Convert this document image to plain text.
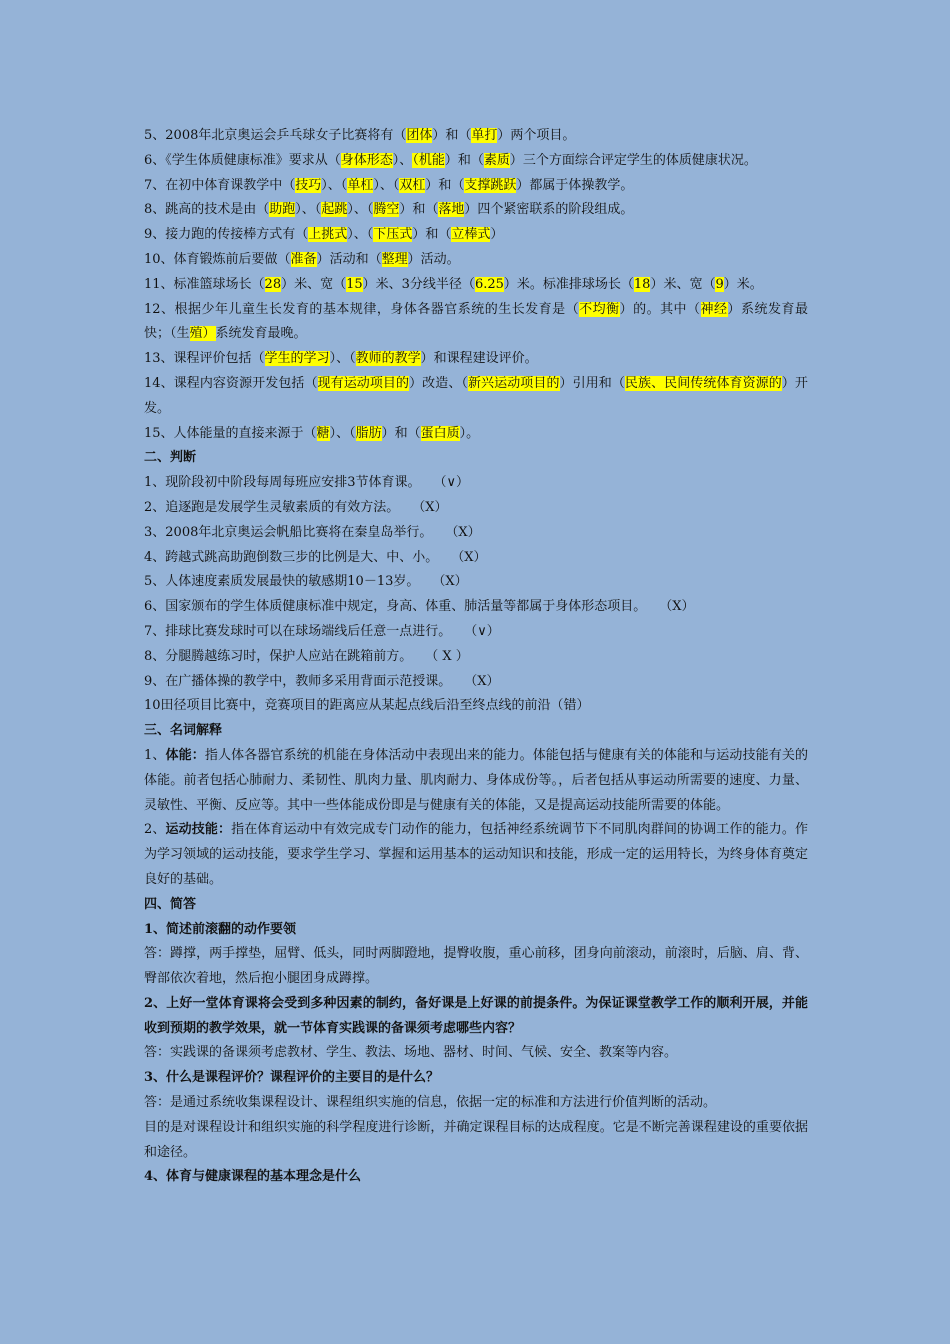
5、2008年北京奥运会乒乓球女子比赛将有（团体）和（单打）两个项目。
6、《学生体质健康标准》要求从（身体形态）、（机能）和（素质）三个方面综合评定学生的体质健康状况。
7、在初中体育课教学中（技巧）、（单杠）、（双杠）和（支撑跳跃）都属于体操教学。
8、跳高的技术是由（助跑）、（起跳）、（腾空）和（落地）四个紧密联系的阶段组成。
9、接力跑的传接棒方式有（上挑式）、（下压式）和（立棒式）
10、体育锻炼前后要做（准备）活动和（整理）活动。
11、标准篮球场长（28）米、宽（15）米、3分线半径（6.25）米。标准排球场长（18）米、宽（9）米。
12、根据少年儿童生长发育的基本规律，身体各器官系统的生长发育是（不均衡）的。其中（神经）系统发育最快；（生殖）系统发育最晚。
13、课程评价包括（学生的学习）、（教师的教学）和课程建设评价。
14、课程内容资源开发包括（现有运动项目的）改造、（新兴运动项目的）引用和（民族、民间传统体育资源的）开发。
15、人体能量的直接来源于（糖）、（脂肪）和（蛋白质）。
二、判断
1、现阶段初中阶段每周每班应安排3节体育课。　　（∨）
2、追逐跑是发展学生灵敏素质的有效方法。　　（X）
3、2008年北京奥运会帆船比赛将在秦皇岛举行。　　（X）
4、跨越式跳高助跑倒数三步的比例是大、中、小。　　（X）
5、人体速度素质发展最快的敏感期10－13岁。　　（X）
6、国家颁布的学生体质健康标准中规定，身高、体重、肺活量等都属于身体形态项目。　　（X）
7、排球比赛发球时可以在球场端线后任意一点进行。　　（∨）
8、分腿腾越练习时，保护人应站在跳箱前方。　　（ X ）
9、在广播体操的教学中，教师多采用背面示范授课。　　（X）
10田径项目比赛中，竞赛项目的距离应从某起点线后沿至终点线的前沿（错）
三、名词解释
1、体能：指人体各器官系统的机能在身体活动中表现出来的能力。体能包括与健康有关的体能和与运动技能有关的体能。前者包括心肺耐力、柔韧性、肌肉力量、肌肉耐力、身体成份等。，后者包括从事运动所需要的速度、力量、灵敏性、平衡、反应等。其中一些体能成份即是与健康有关的体能，又是提高运动技能所需要的体能。
2、运动技能：指在体育运动中有效完成专门动作的能力，包括神经系统调节下不同肌肉群间的协调工作的能力。作为学习领域的运动技能，要求学生学习、掌握和运用基本的运动知识和技能，形成一定的运用特长，为终身体育奠定良好的基础。
四、简答
1、简述前滚翻的动作要领
答：蹲撑，两手撑垫，屈臂、低头，同时两脚蹬地，提臀收腹，重心前移，团身向前滚动，前滚时，后脑、肩、背、臀部依次着地，然后抱小腿团身成蹲撑。
2、上好一堂体育课将会受到多种因素的制约，备好课是上好课的前提条件。为保证课堂教学工作的顺利开展，并能收到预期的教学效果，就一节体育实践课的备课须考虑哪些内容？
答：实践课的备课须考虑教材、学生、教法、场地、器材、时间、气候、安全、教案等内容。
3、什么是课程评价？课程评价的主要目的是什么？
答：是通过系统收集课程设计、课程组织实施的信息，依据一定的标准和方法进行价值判断的活动。
目的是对课程设计和组织实施的科学程度进行诊断，并确定课程目标的达成程度。它是不断完善课程建设的重要依据和途径。
4、体育与健康课程的基本理念是什么
